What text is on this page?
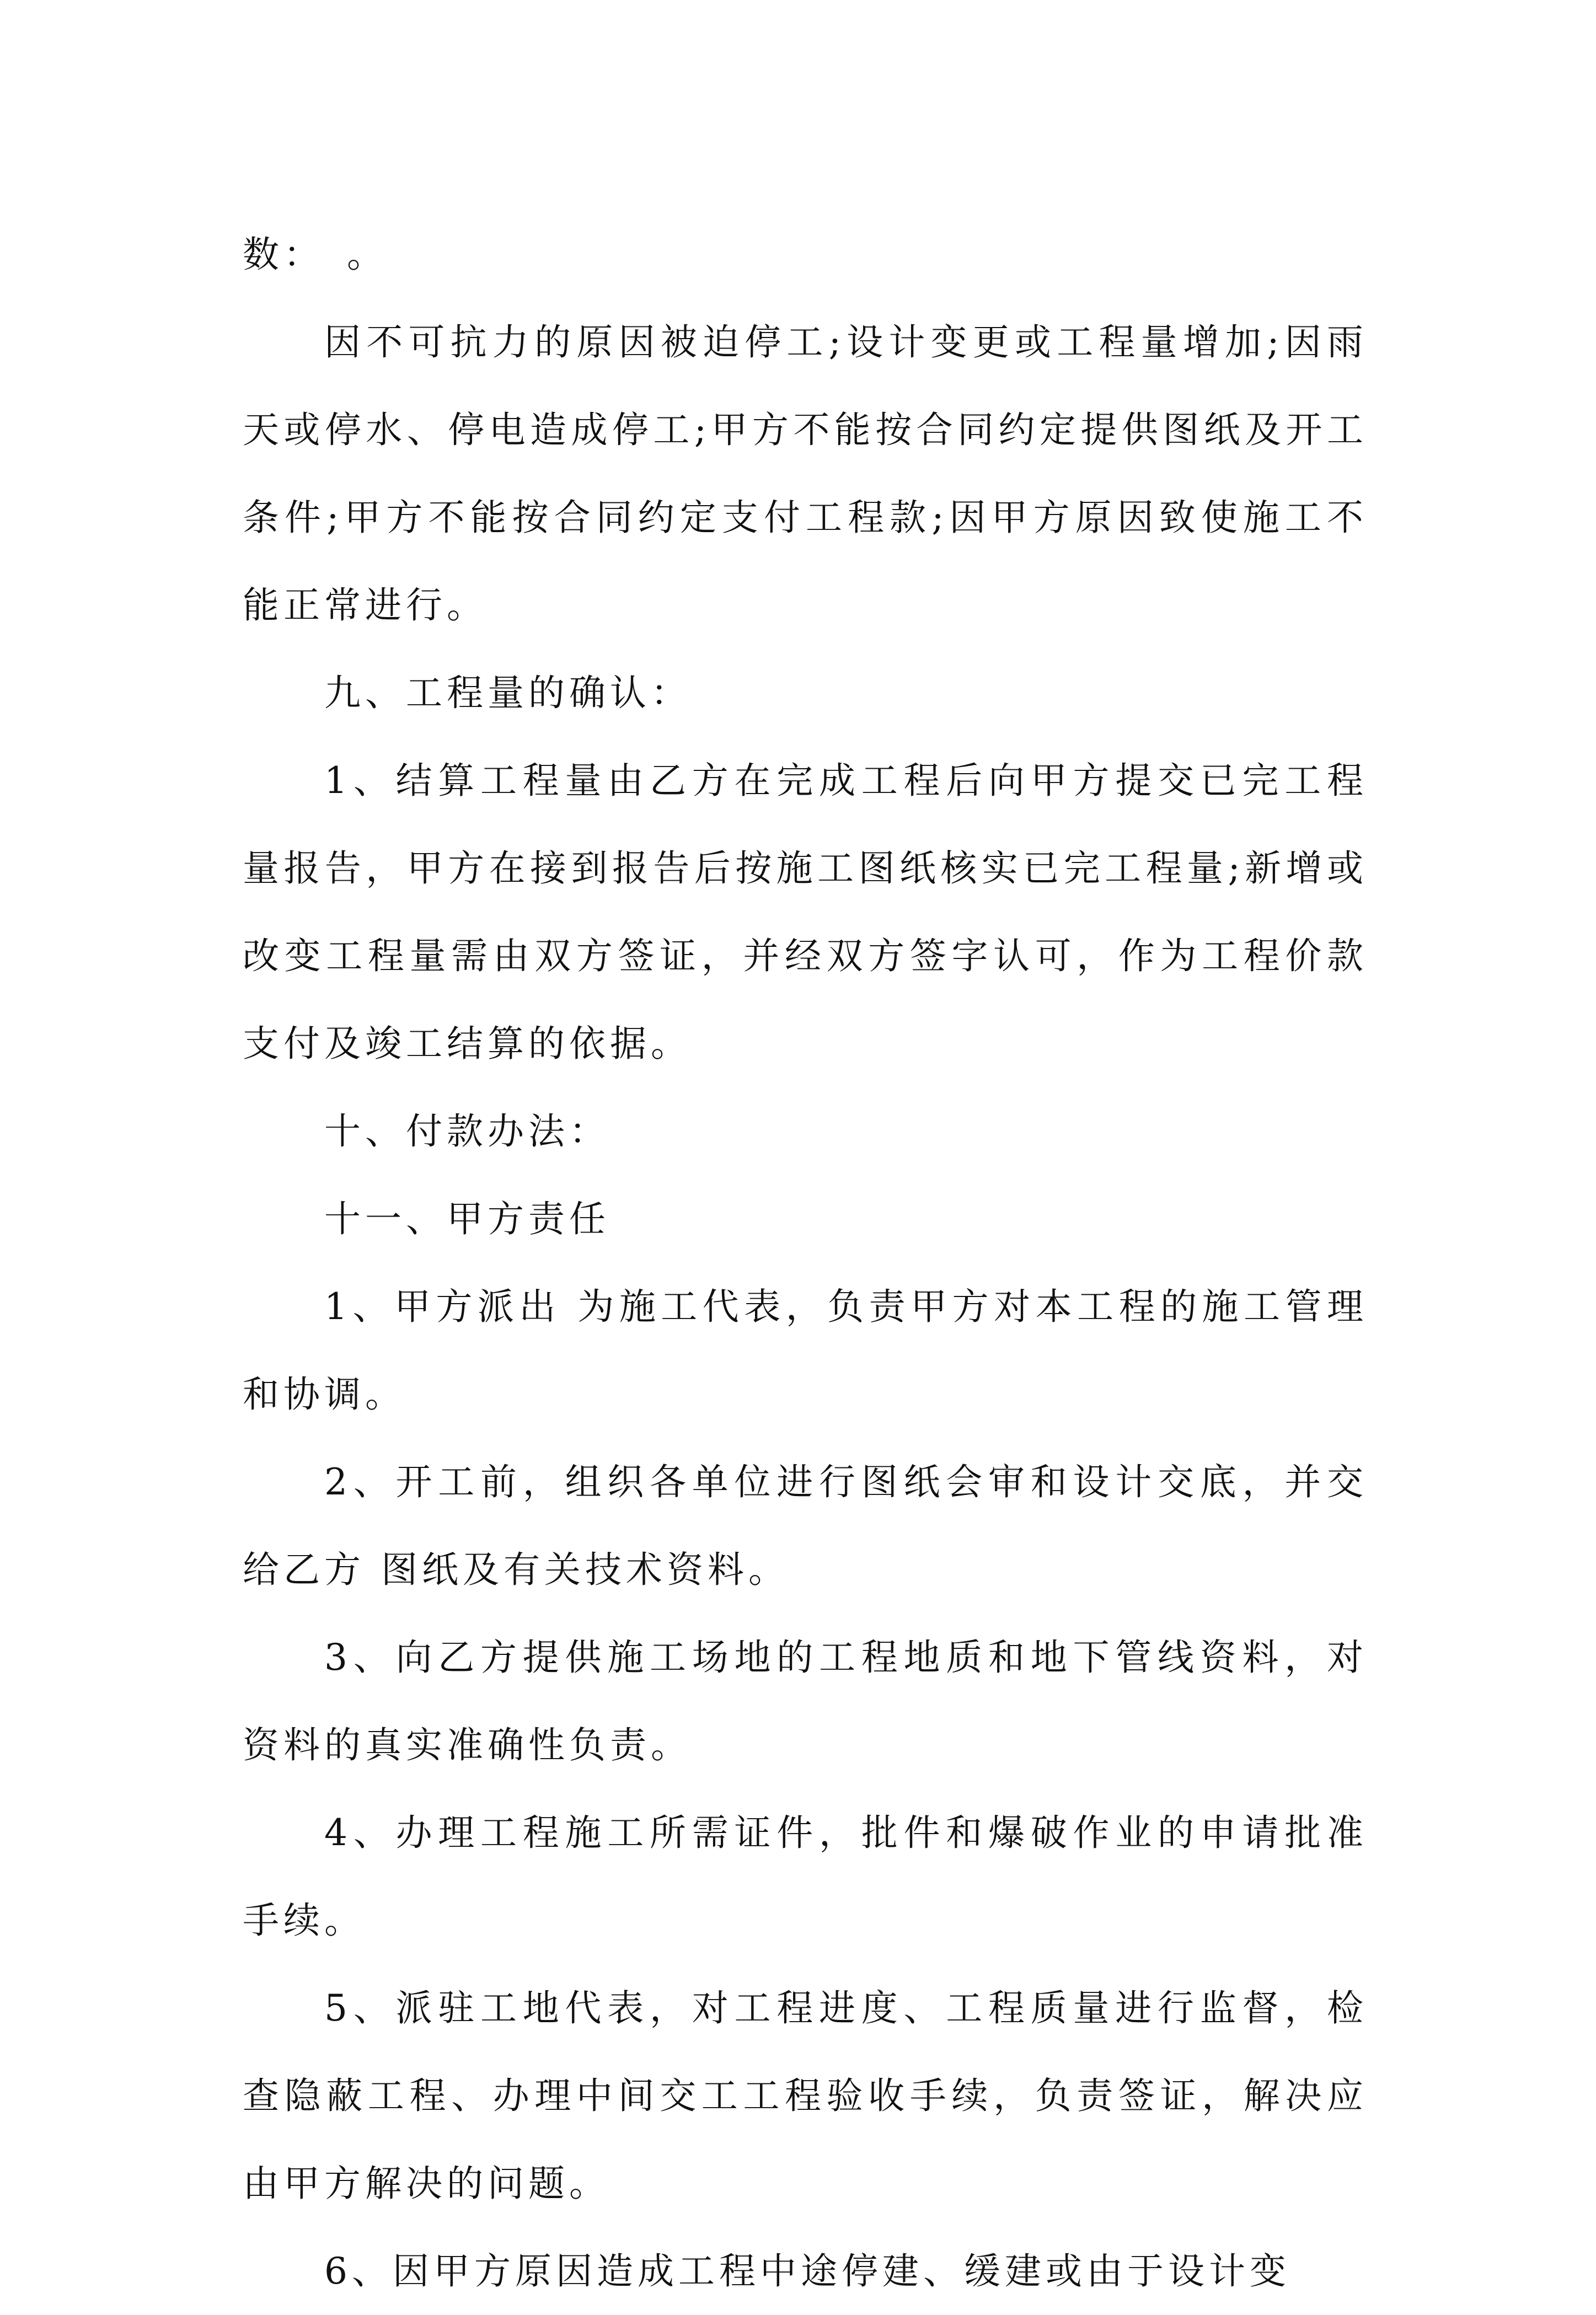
数：　。

因不可抗力的原因被迫停工;设计变更或工程量增加;因雨天或停水、停电造成停工;甲方不能按合同约定提供图纸及开工条件;甲方不能按合同约定支付工程款;因甲方原因致使施工不能正常进行。

九、工程量的确认：

1、结算工程量由乙方在完成工程后向甲方提交已完工程量报告，甲方在接到报告后按施工图纸核实已完工程量;新增或改变工程量需由双方签证，并经双方签字认可，作为工程价款支付及竣工结算的依据。

十、付款办法：

十一、甲方责任

1、甲方派出 为施工代表，负责甲方对本工程的施工管理和协调。

2、开工前，组织各单位进行图纸会审和设计交底，并交给乙方 图纸及有关技术资料。

3、向乙方提供施工场地的工程地质和地下管线资料，对资料的真实准确性负责。

4、办理工程施工所需证件，批件和爆破作业的申请批准手续。

5、派驻工地代表，对工程进度、工程质量进行监督，检查隐蔽工程、办理中间交工工程验收手续，负责签证，解决应由甲方解决的问题。

6、因甲方原因造成工程中途停建、缓建或由于设计变
